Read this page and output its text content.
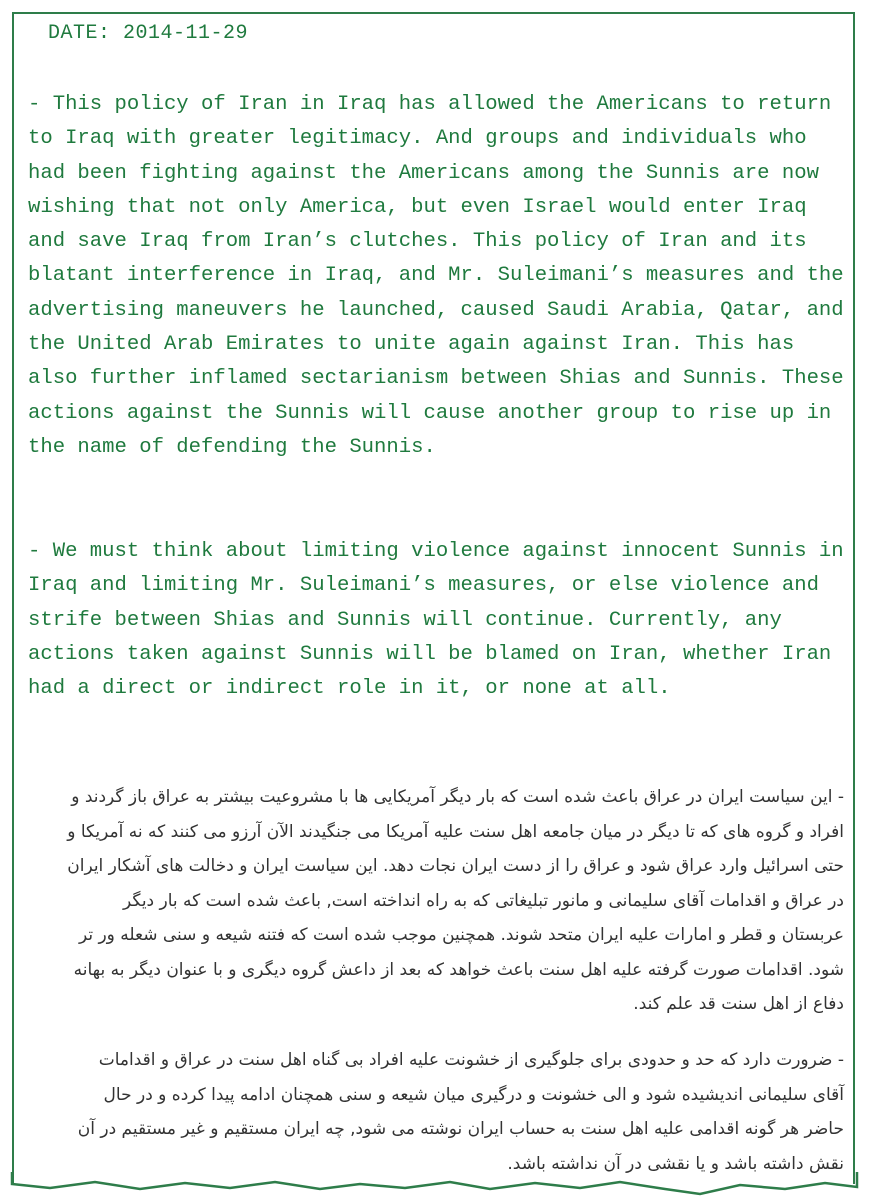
DATE: 2014-11-29

- This policy of Iran in Iraq has allowed the Americans to return to Iraq with greater legitimacy. And groups and individuals who had been fighting against the Americans among the Sunnis are now wishing that not only America, but even Israel would enter Iraq and save Iraq from Iran’s clutches. This policy of Iran and its blatant interference in Iraq, and Mr. Suleimani’s measures and the advertising maneuvers he launched, caused Saudi Arabia, Qatar, and the United Arab Emirates to unite again against Iran. This has also further inflamed sectarianism between Shias and Sunnis. These actions against the Sunnis will cause another group to rise up in the name of defending the Sunnis.

- We must think about limiting violence against innocent Sunnis in Iraq and limiting Mr. Suleimani’s measures, or else violence and strife between Shias and Sunnis will continue. Currently, any actions taken against Sunnis will be blamed on Iran, whether Iran had a direct or indirect role in it, or none at all.

- این سیاست ایران در عراق باعث شده است که بار دیگر آمریکایی ها با مشروعیت بیشتر به عراق باز گردند و افراد و گروه های که تا دیگر در میان جامعه اهل سنت علیه آمریکا می جنگیدند الآن آرزو می کنند که نه آمریکا و حتی اسرائیل وارد عراق شود و عراق را از دست ایران نجات دهد. این سیاست ایران و دخالت های آشکار ایران در عراق و اقدامات آقای سلیمانی و مانور تبلیغاتی که به راه انداخته است, باعث شده است که بار دیگر عربستان و قطر و امارات علیه ایران متحد شوند. همچنین موجب شده است که فتنه شیعه و سنی شعله ور تر شود. اقدامات صورت گرفته علیه اهل سنت باعث خواهد که بعد از داعش گروه دیگری و با عنوان دیگر به بهانه دفاع از اهل سنت قد علم کند.

- ضرورت دارد که حد و حدودی برای جلوگیری از خشونت علیه افراد بی گناه اهل سنت در عراق و اقدامات آقای سلیمانی اندیشیده شود و الی خشونت و درگیری میان شیعه و سنی همچنان ادامه پیدا کرده و در حال حاضر هر گونه اقدامی علیه اهل سنت به حساب ایران نوشته می شود, چه ایران مستقیم و غیر مستقیم در آن نقش داشته باشد و یا نقشی در آن نداشته باشد.
